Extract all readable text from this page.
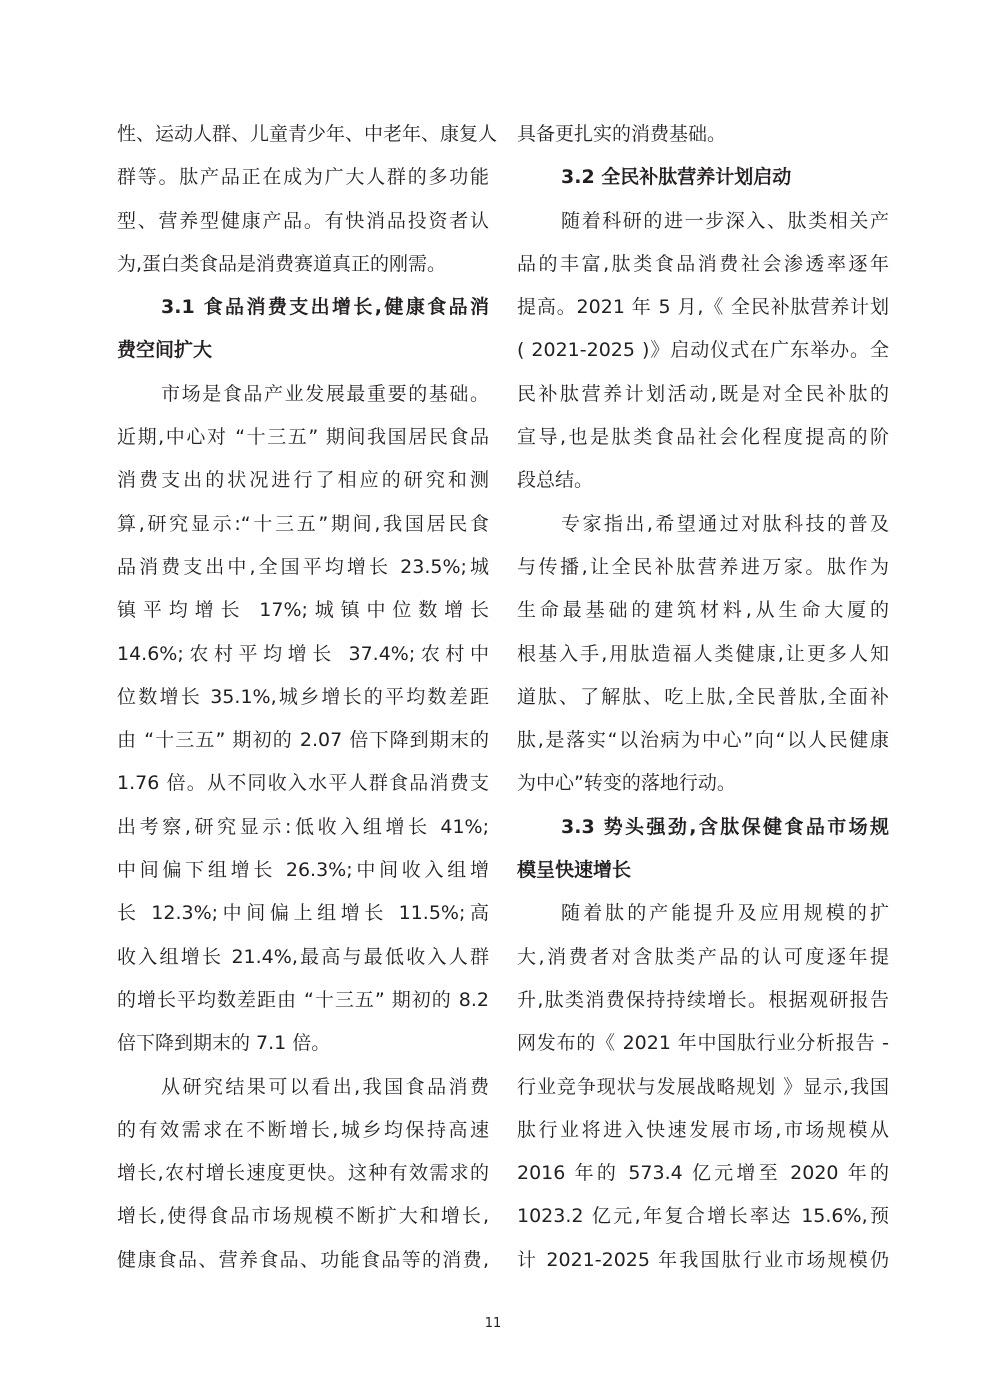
性、运动人群、儿童青少年、中老年、康复人
群等。肽产品正在成为广大人群的多功能
型、营养型健康产品。有快消品投资者认
为,蛋白类食品是消费赛道真正的刚需。
3.1 食品消费支出增长,健康食品消
费空间扩大
市场是食品产业发展最重要的基础。
近期,中心对 “十三五” 期间我国居民食品
消费支出的状况进行了相应的研究和测
算,研究显示:“十三五”期间,我国居民食
品消费支出中,全国平均增长 23.5%;城
镇平均增长 17%;城镇中位数增长
14.6%;农村平均增长 37.4%;农村中
位数增长 35.1%,城乡增长的平均数差距
由 “十三五” 期初的 2.07 倍下降到期末的
1.76 倍。从不同收入水平人群食品消费支
出考察,研究显示:低收入组增长 41%;
中间偏下组增长 26.3%;中间收入组增
长 12.3%;中间偏上组增长 11.5%;高
收入组增长 21.4%,最高与最低收入人群
的增长平均数差距由 “十三五” 期初的 8.2
倍下降到期末的 7.1 倍。
从研究结果可以看出,我国食品消费
的有效需求在不断增长,城乡均保持高速
增长,农村增长速度更快。这种有效需求的
增长,使得食品市场规模不断扩大和增长,
健康食品、营养食品、功能食品等的消费,
具备更扎实的消费基础。
3.2 全民补肽营养计划启动
随着科研的进一步深入、肽类相关产
品的丰富,肽类食品消费社会渗透率逐年
提高。2021 年 5 月,《 全民补肽营养计划
( 2021-2025 )》启动仪式在广东举办。全
民补肽营养计划活动,既是对全民补肽的
宣导,也是肽类食品社会化程度提高的阶
段总结。
专家指出,希望通过对肽科技的普及
与传播,让全民补肽营养进万家。肽作为
生命最基础的建筑材料,从生命大厦的
根基入手,用肽造福人类健康,让更多人知
道肽、了解肽、吃上肽,全民普肽,全面补
肽,是落实“以治病为中心”向“以人民健康
为中心”转变的落地行动。
3.3 势头强劲,含肽保健食品市场规
模呈快速增长
随着肽的产能提升及应用规模的扩
大,消费者对含肽类产品的认可度逐年提
升,肽类消费保持持续增长。根据观研报告
网发布的《 2021 年中国肽行业分析报告 -
行业竞争现状与发展战略规划 》显示,我国
肽行业将进入快速发展市场,市场规模从
2016 年的 573.4 亿元增至 2020 年的
1023.2 亿元,年复合增长率达 15.6%,预
计 2021-2025 年我国肽行业市场规模仍
11
